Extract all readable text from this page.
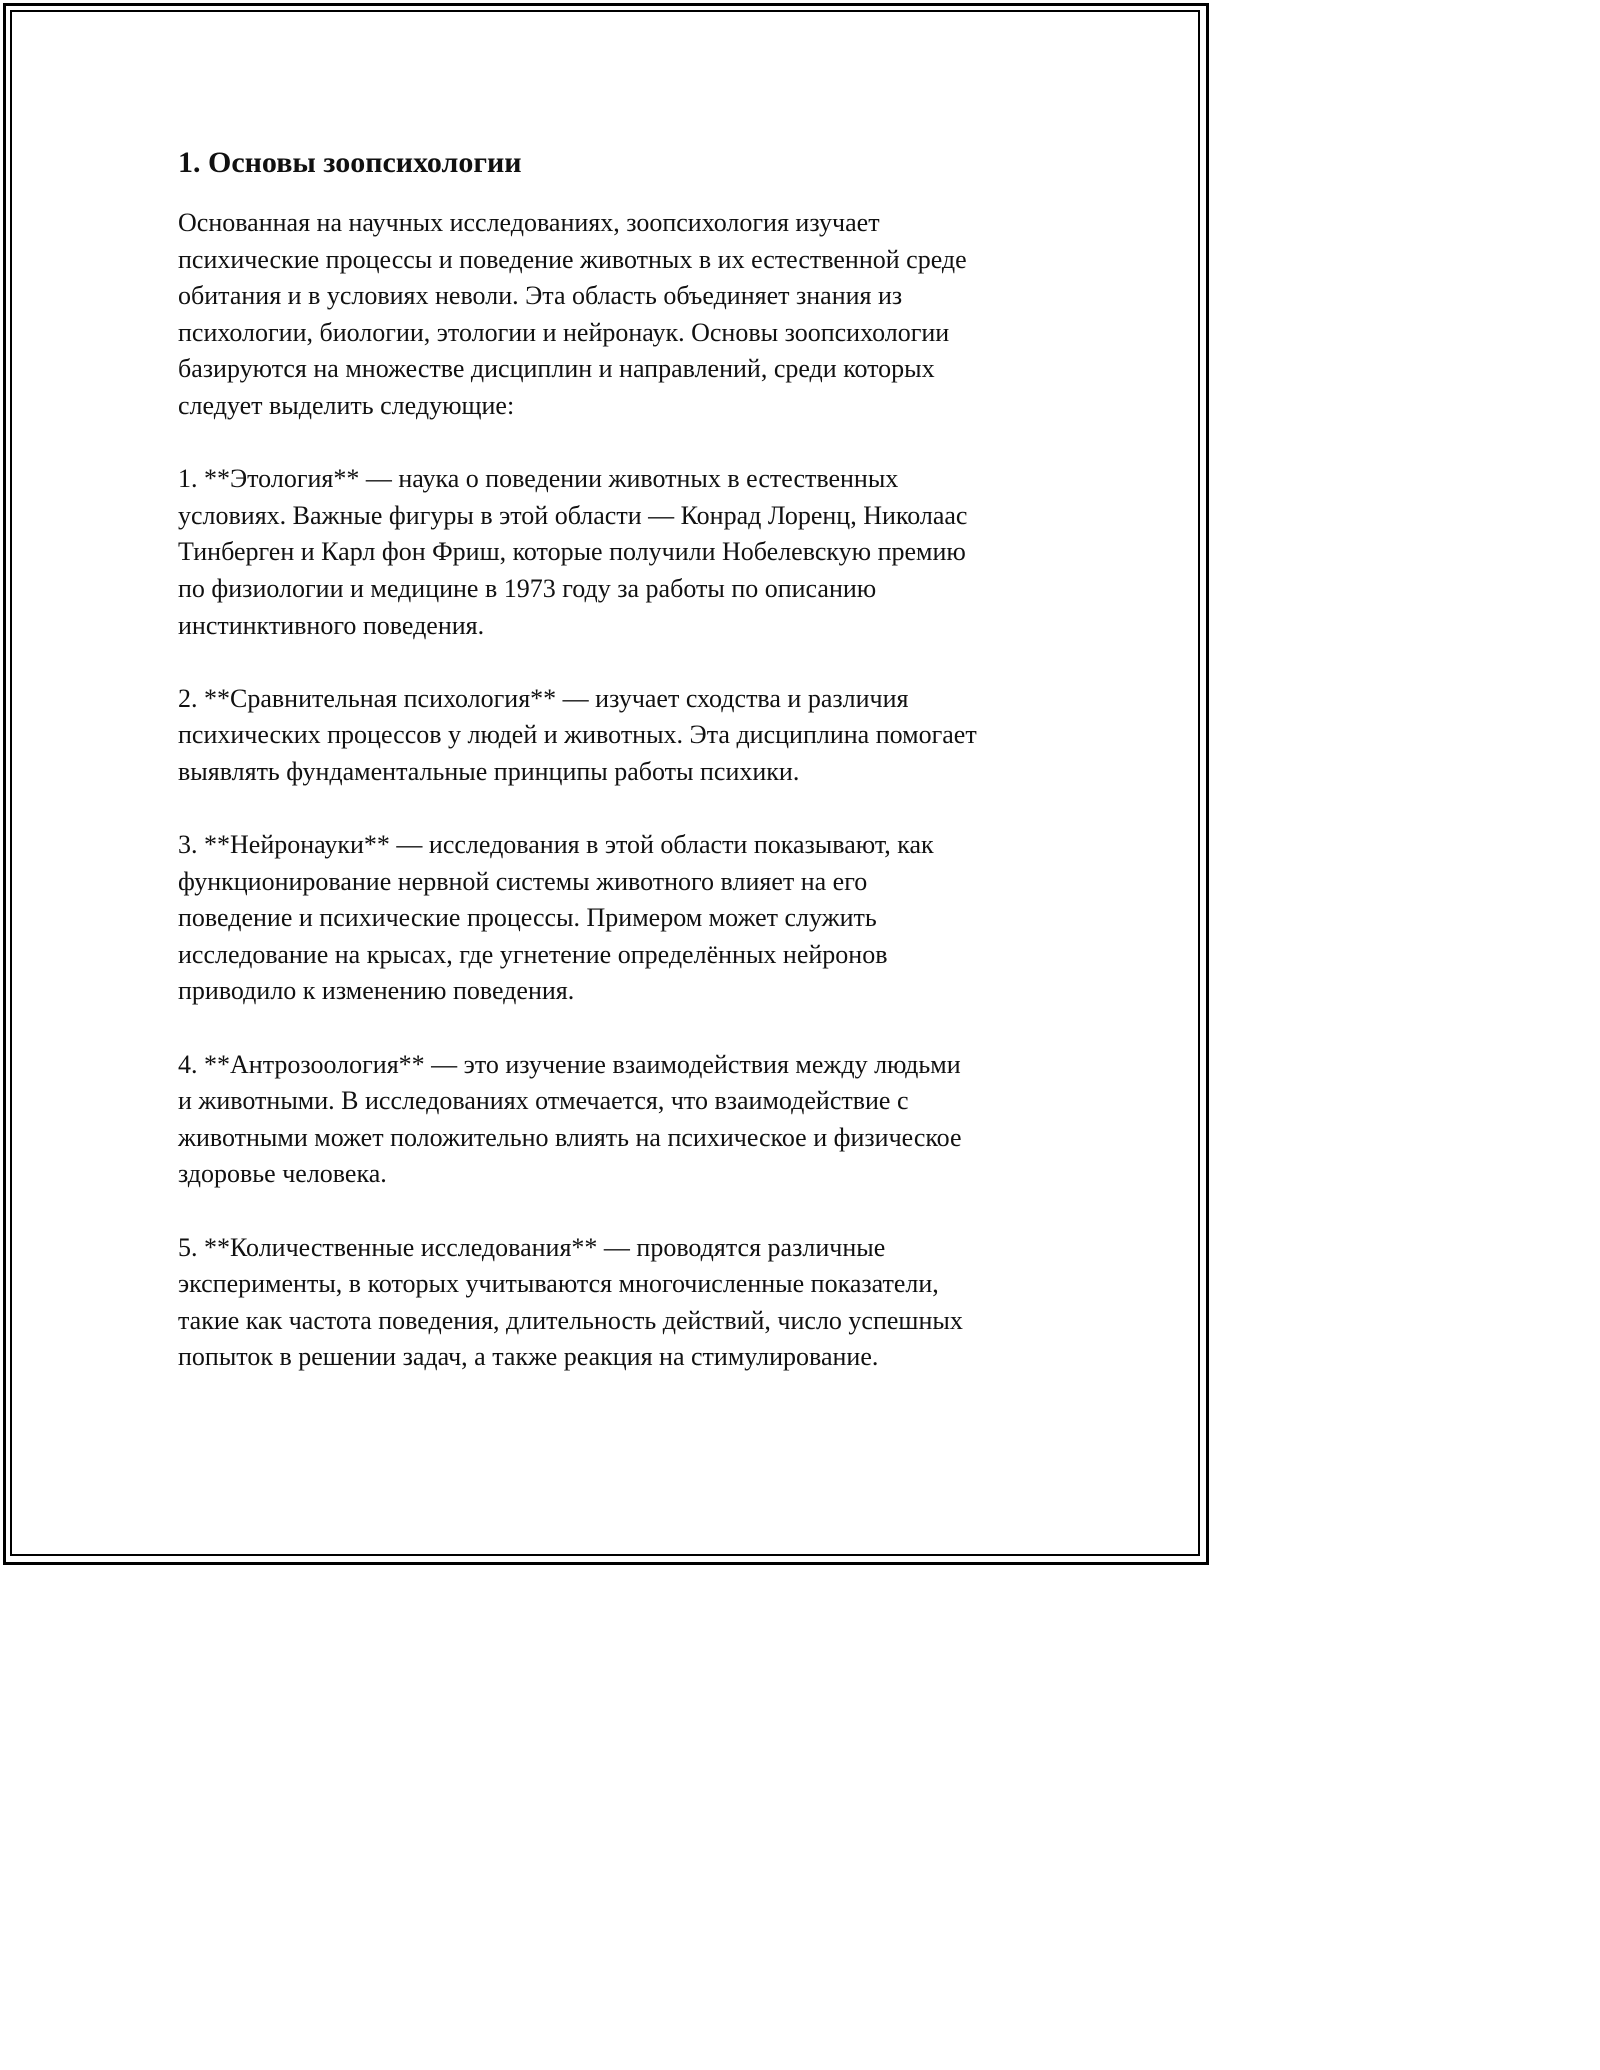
1. Основы зоопсихологии

Основанная на научных исследованиях, зоопсихология изучает
психические процессы и поведение животных в их естественной среде
обитания и в условиях неволи. Эта область объединяет знания из
психологии, биологии, этологии и нейронаук. Основы зоопсихологии
базируются на множестве дисциплин и направлений, среди которых
следует выделить следующие:

1. **Этология** — наука о поведении животных в естественных
условиях. Важные фигуры в этой области — Конрад Лоренц, Николаас
Тинберген и Карл фон Фриш, которые получили Нобелевскую премию
по физиологии и медицине в 1973 году за работы по описанию
инстинктивного поведения.

2. **Сравнительная психология** — изучает сходства и различия
психических процессов у людей и животных. Эта дисциплина помогает
выявлять фундаментальные принципы работы психики.

3. **Нейронауки** — исследования в этой области показывают, как
функционирование нервной системы животного влияет на его
поведение и психические процессы. Примером может служить
исследование на крысах, где угнетение определённых нейронов
приводило к изменению поведения.

4. **Антрозоология** — это изучение взаимодействия между людьми
и животными. В исследованиях отмечается, что взаимодействие с
животными может положительно влиять на психическое и физическое
здоровье человека.

5. **Количественные исследования** — проводятся различные
эксперименты, в которых учитываются многочисленные показатели,
такие как частота поведения, длительность действий, число успешных
попыток в решении задач, а также реакция на стимулирование.
